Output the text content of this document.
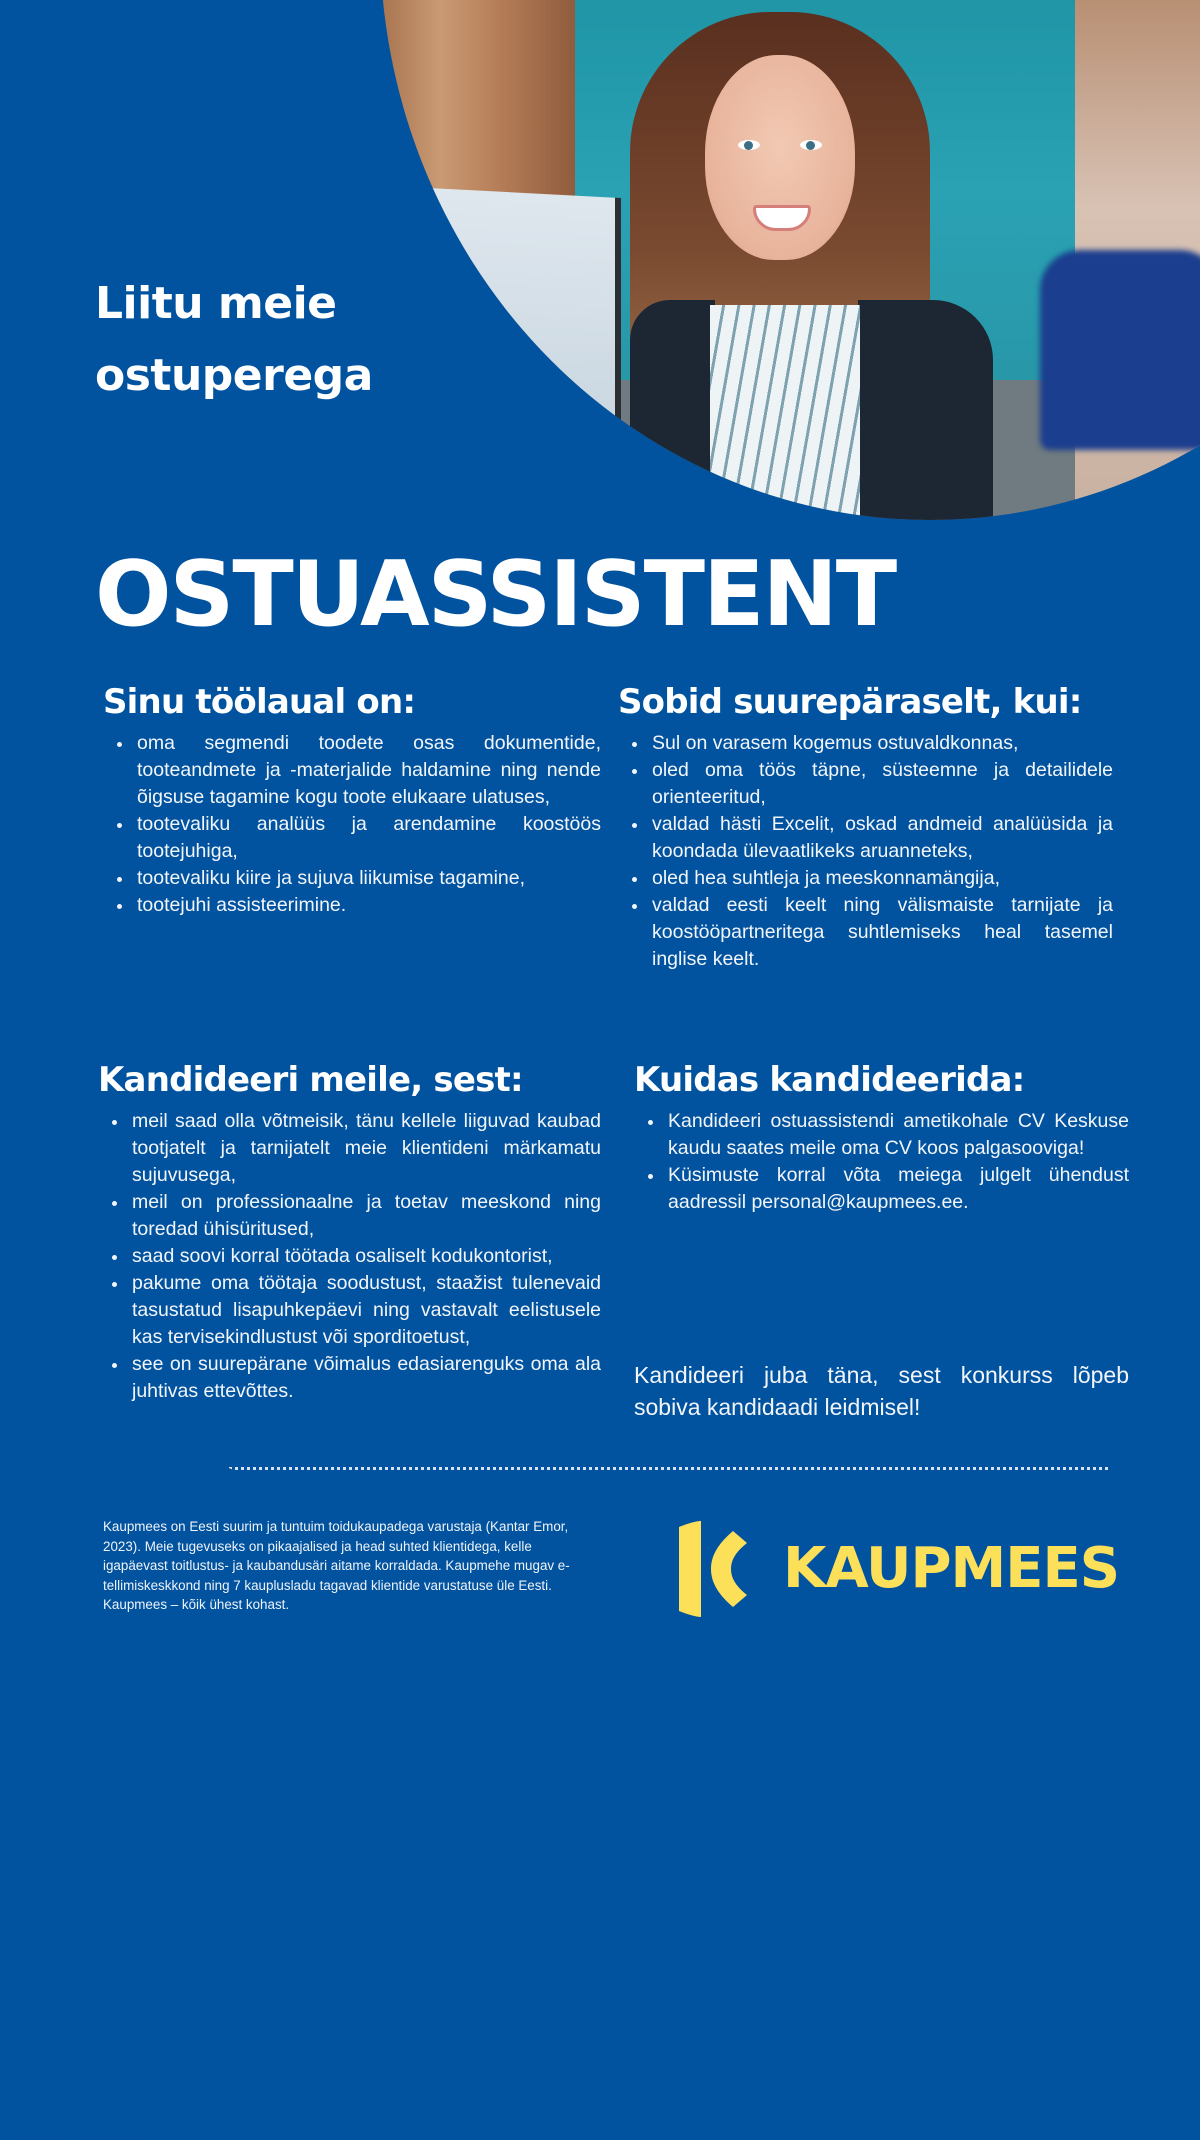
Liitu meie
ostuperega
OSTUASSISTENT
Sinu töölaual on:
oma segmendi toodete osas dokumentide, tooteandmete ja -materjalide haldamine ning nende õigsuse tagamine kogu toote elukaare ulatuses,
tootevaliku analüüs ja arendamine koostöös tootejuhiga,
tootevaliku kiire ja sujuva liikumise tagamine,
tootejuhi assisteerimine.
Sobid suurepäraselt, kui:
Sul on varasem kogemus ostuvaldkonnas,
oled oma töös täpne, süsteemne ja detailidele orienteeritud,
valdad hästi Excelit, oskad andmeid analüüsida ja koondada ülevaatlikeks aruanneteks,
oled hea suhtleja ja meeskonnamängija,
valdad eesti keelt ning välismaiste tarnijate ja koostööpartneritega suhtlemiseks heal tasemel inglise keelt.
Kandideeri meile, sest:
meil saad olla võtmeisik, tänu kellele liiguvad kaubad tootjatelt ja tarnijatelt meie klientideni märkamatu sujuvusega,
meil on professionaalne ja toetav meeskond ning toredad ühisüritused,
saad soovi korral töötada osaliselt kodukontorist,
pakume oma töötaja soodustust, staažist tulenevaid tasustatud lisapuhkepäevi ning vastavalt eelistusele kas tervisekindlustust või sporditoetust,
see on suurepärane võimalus edasiarenguks oma ala juhtivas ettevõttes.
Kuidas kandideerida:
Kandideeri ostuassistendi ametikohale CV Keskuse kaudu saates meile oma CV koos palgasooviga!
Küsimuste korral võta meiega julgelt ühendust aadressil personal@kaupmees.ee.
Kandideeri juba täna, sest konkurss lõpeb sobiva kandidaadi leidmisel!
Kaupmees on Eesti suurim ja tuntuim toidukaupadega varustaja (Kantar Emor, 2023). Meie tugevuseks on pikaajalised ja head suhted klientidega, kelle igapäevast toitlustus- ja kaubandusäri aitame korraldada. Kaupmehe mugav e-tellimiskeskkond ning 7 kauplusladu tagavad klientide varustatuse üle Eesti. Kaupmees – kõik ühest kohast.
KAUPMEES
